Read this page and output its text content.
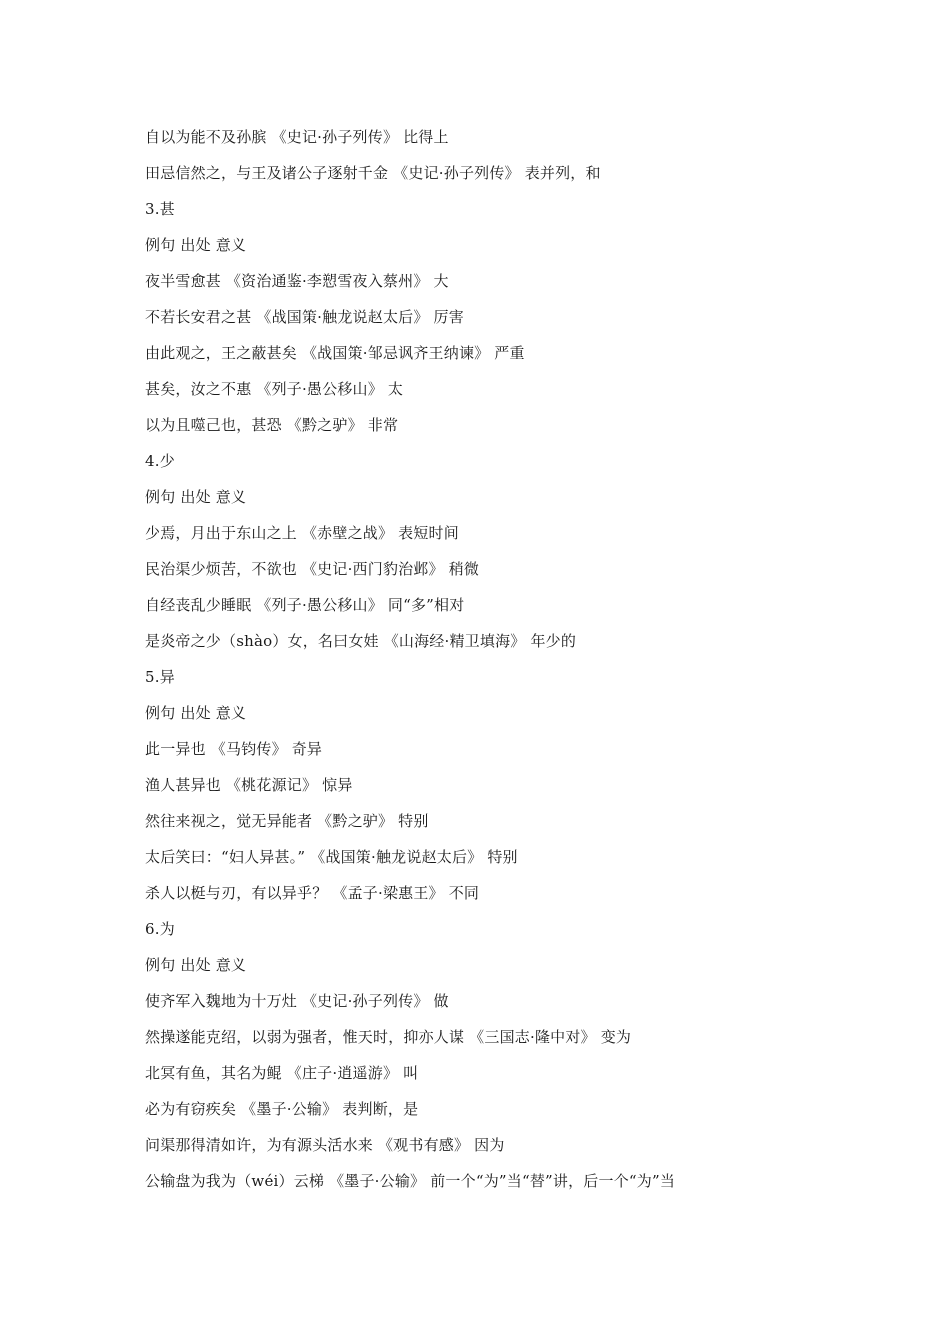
自以为能不及孙膑 《史记·孙子列传》 比得上
田忌信然之，与王及诸公子逐射千金 《史记·孙子列传》 表并列，和
3.甚
例句 出处 意义
夜半雪愈甚 《资治通鉴·李愬雪夜入蔡州》 大
不若长安君之甚 《战国策·触龙说赵太后》 厉害
由此观之，王之蔽甚矣 《战国策·邹忌讽齐王纳谏》 严重
甚矣，汝之不惠 《列子·愚公移山》 太
以为且噬己也，甚恐 《黔之驴》 非常
4.少
例句 出处 意义
少焉，月出于东山之上 《赤壁之战》 表短时间
民治渠少烦苦，不欲也 《史记·西门豹治邺》 稍微
自经丧乱少睡眠 《列子·愚公移山》 同“多”相对
是炎帝之少（shào）女，名曰女娃 《山海经·精卫填海》 年少的
5.异
例句 出处 意义
此一异也 《马钧传》 奇异
渔人甚异也 《桃花源记》 惊异
然往来视之，觉无异能者 《黔之驴》 特别
太后笑曰：“妇人异甚。” 《战国策·触龙说赵太后》 特别
杀人以梃与刃，有以异乎？ 《孟子·梁惠王》 不同
6.为
例句 出处 意义
使齐军入魏地为十万灶 《史记·孙子列传》 做
然操遂能克绍，以弱为强者，惟天时，抑亦人谋 《三国志·隆中对》 变为
北冥有鱼，其名为鲲 《庄子·逍遥游》 叫
必为有窃疾矣 《墨子·公输》 表判断，是
问渠那得清如许，为有源头活水来 《观书有感》 因为
公输盘为我为（wéi）云梯 《墨子·公输》 前一个“为”当“替”讲，后一个“为”当
